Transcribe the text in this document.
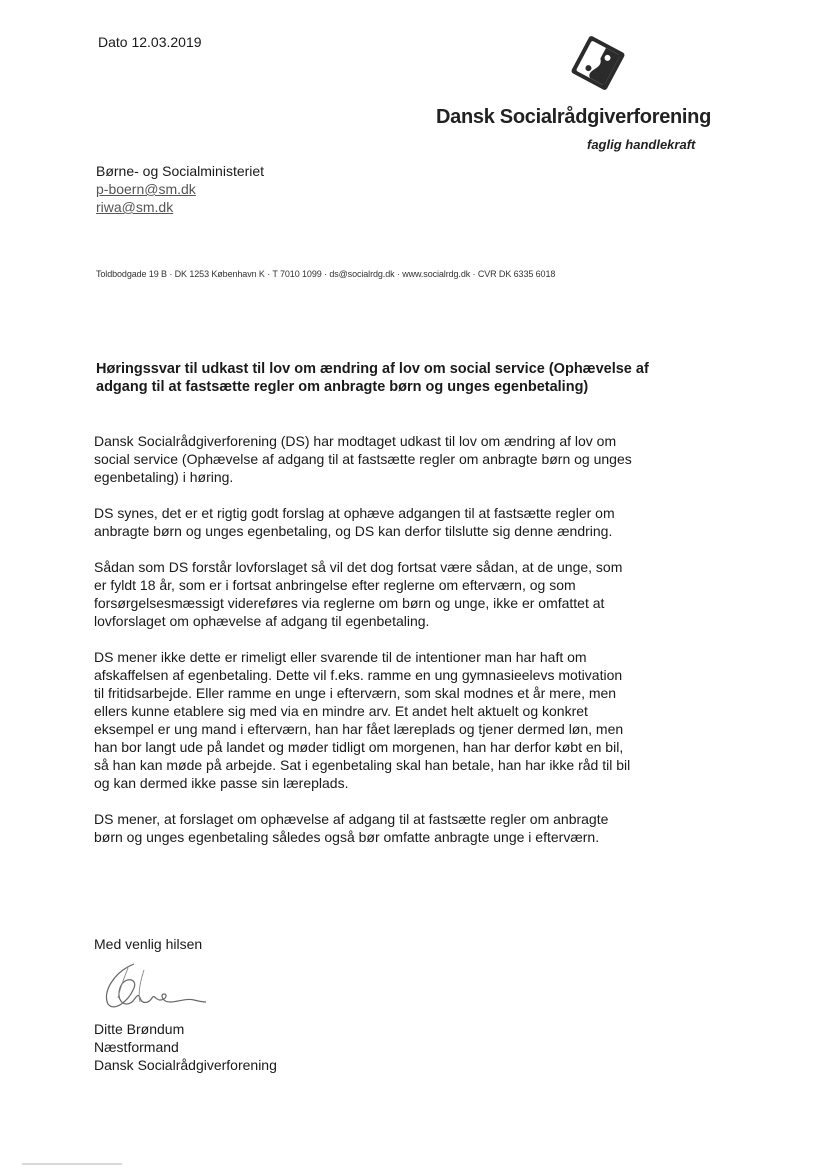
Dato 12.03.2019
Dansk Socialrådgiverforening
faglig handlekraft
Børne- og Socialministeriet
p-boern@sm.dk
riwa@sm.dk
Toldbodgade 19 B · DK 1253 København K · T 7010 1099 · ds@socialrdg.dk · www.socialrdg.dk · CVR DK 6335 6018
Høringssvar til udkast til lov om ændring af lov om social service (Ophævelse af adgang til at fastsætte regler om anbragte børn og unges egenbetaling)

Dansk Socialrådgiverforening (DS) har modtaget udkast til lov om ændring af lov om social service (Ophævelse af adgang til at fastsætte regler om anbragte børn og unges egenbetaling) i høring.

DS synes, det er et rigtig godt forslag at ophæve adgangen til at fastsætte regler om anbragte børn og unges egenbetaling, og DS kan derfor tilslutte sig denne ændring.

Sådan som DS forstår lovforslaget så vil det dog fortsat være sådan, at de unge, som er fyldt 18 år, som er i fortsat anbringelse efter reglerne om efterværn, og som forsørgelsesmæssigt videreføres via reglerne om børn og unge, ikke er omfattet at lovforslaget om ophævelse af adgang til egenbetaling.

DS mener ikke dette er rimeligt eller svarende til de intentioner man har haft om afskaffelsen af egenbetaling. Dette vil f.eks. ramme en ung gymnasieelevs motivation til fritidsarbejde. Eller ramme en unge i efterværn, som skal modnes et år mere, men ellers kunne etablere sig med via en mindre arv. Et andet helt aktuelt og konkret eksempel er ung mand i efterværn, han har fået læreplads og tjener dermed løn, men han bor langt ude på landet og møder tidligt om morgenen, han har derfor købt en bil, så han kan møde på arbejde. Sat i egenbetaling skal han betale, han har ikke råd til bil og kan dermed ikke passe sin læreplads.

DS mener, at forslaget om ophævelse af adgang til at fastsætte regler om anbragte børn og unges egenbetaling således også bør omfatte anbragte unge i efterværn.

Med venlig hilsen
Ditte Brøndum
Næstformand
Dansk Socialrådgiverforening
